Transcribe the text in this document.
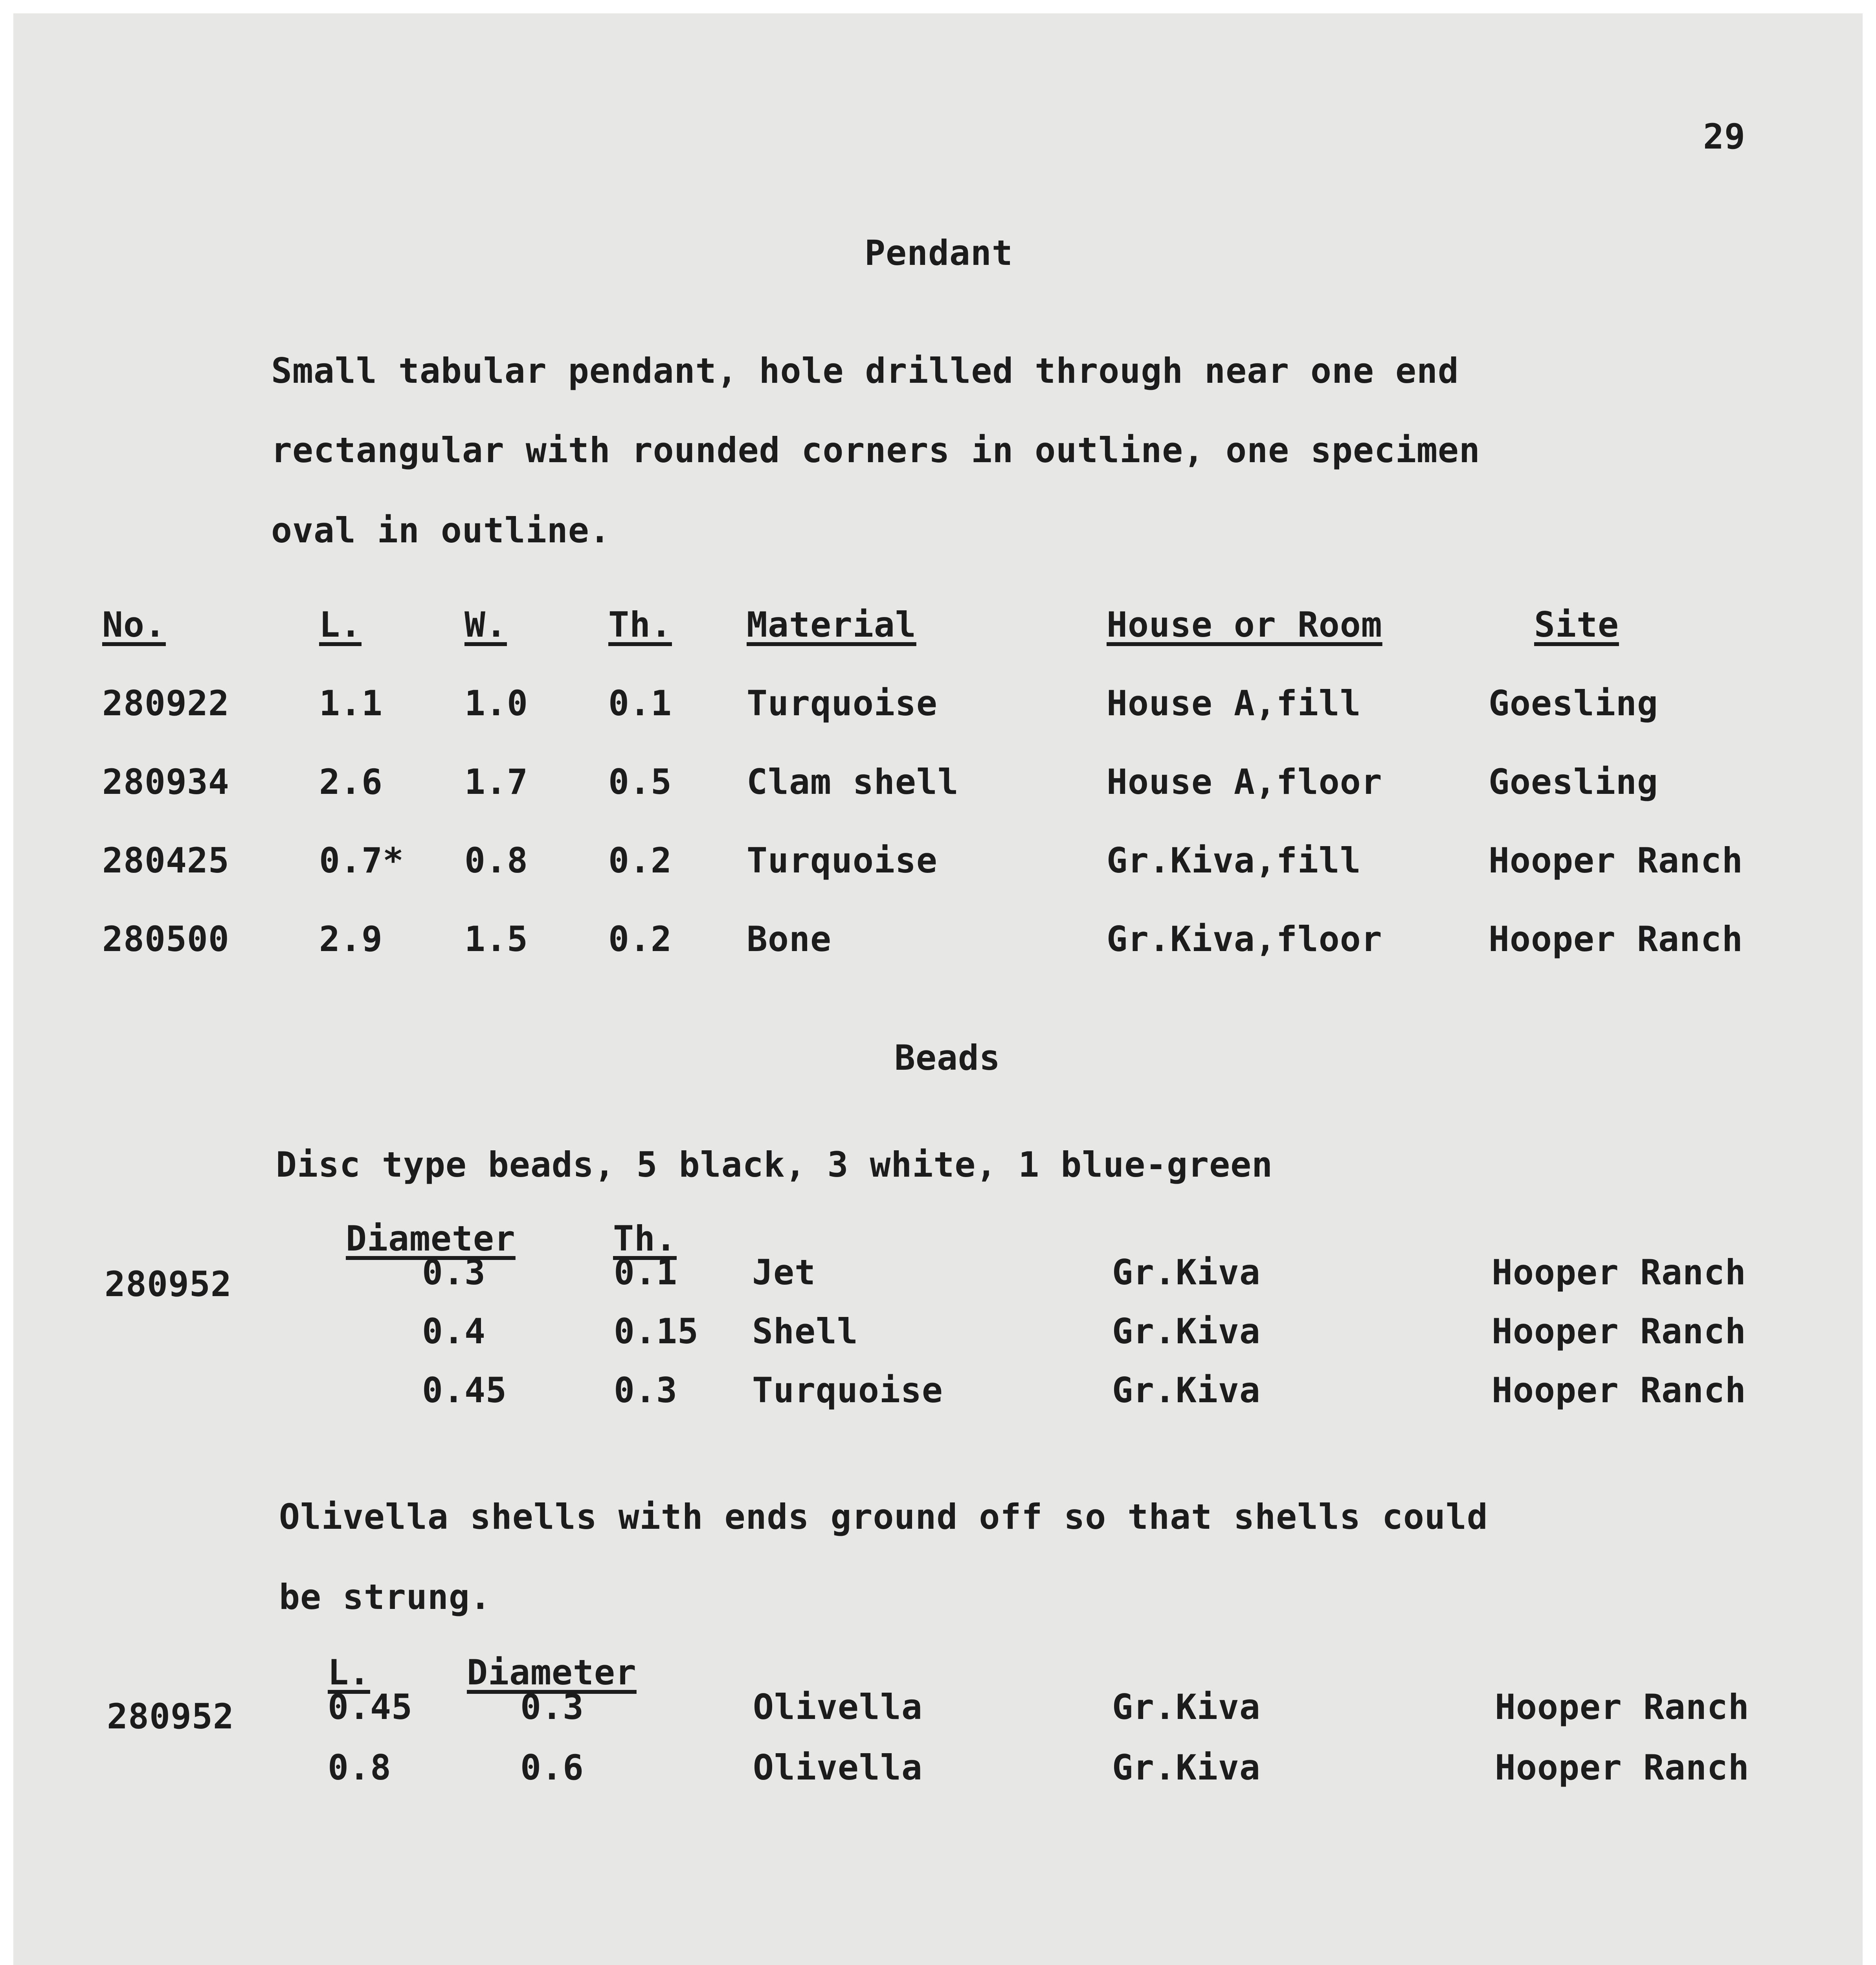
29
Pendant
Small tabular pendant, hole drilled through near one end
rectangular with rounded corners in outline, one specimen
oval in outline.
No.	L.	W.	Th. Material	House or Room	Site
280922	1.1 1.0 0.1 Turquoise	House A,fill	Goesling
280934	2.6 1.7 0.5 Clam shell	House A,floor	Goesling
280425	0.7* 0.8 0.2 Turquoise	Gr.Kiva,fill	Hooper Ranch
280500	2.9 1.5 0.2 Bone	Gr.Kiva,floor	Hooper Ranch
Beads
Disc type beads, 5 black, 3 white, 1 blue-green
Diameter	Th.
280952	0.3	0.1 Jet	Gr.Kiva	Hooper Ranch
0.4	0.15 Shell	Gr.Kiva	Hooper Ranch
0.45	0.3 Turquoise	Gr.Kiva	Hooper Ranch
Olivella shells with ends ground off so that shells could
be strung.
L.	Diameter
280952	0.45	0.3	Olivella	Gr.Kiva	Hooper Ranch
0.8	0.6	Olivella	Gr.Kiva	Hooper Ranch
